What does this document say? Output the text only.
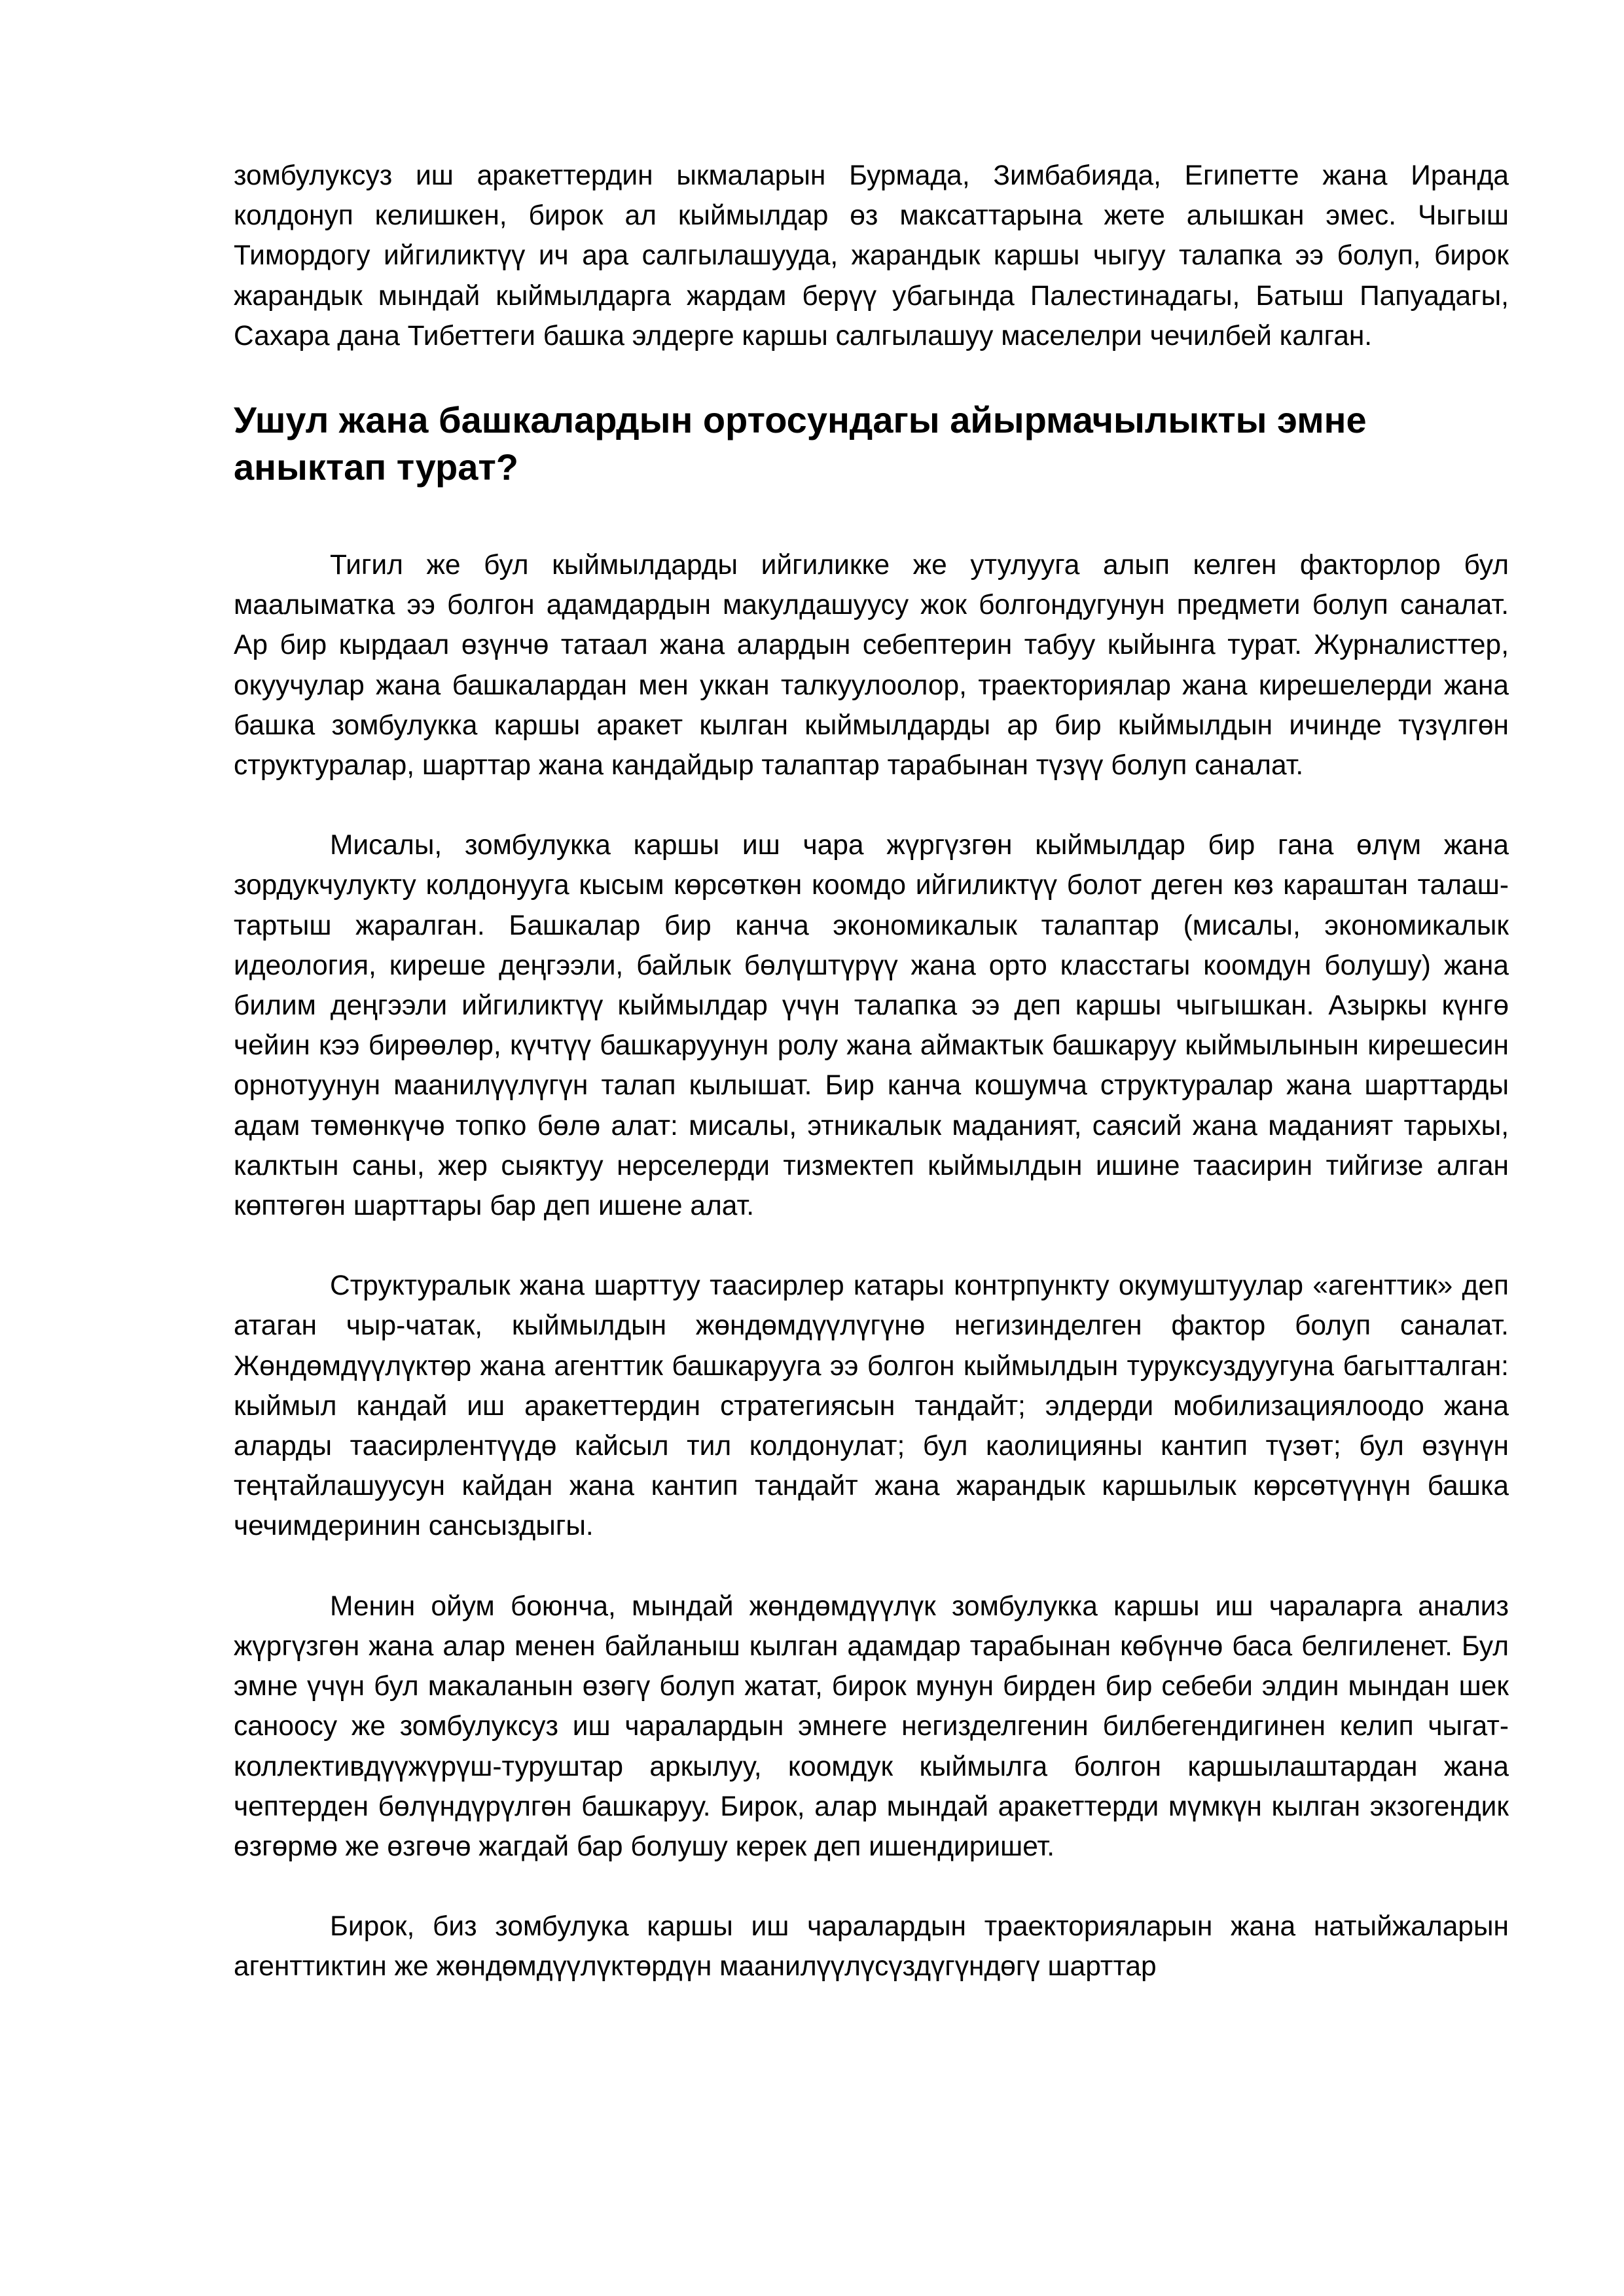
зомбулуксуз иш аракеттердин ыкмаларын Бурмада, Зимбабияда, Египетте жана Иранда колдонуп келишкен, бирок ал кыймылдар өз максаттарына жете алышкан эмес. Чыгыш Тимордогу ийгиликтүү ич ара салгылашууда, жарандык каршы чыгуу талапка ээ болуп, бирок жарандык мындай кыймылдарга жардам берүү убагында Палестинадагы, Батыш Папуадагы, Сахара дана Тибеттеги башка элдерге каршы салгылашуу маселелри чечилбей калган.

Ушул жана башкалардын ортосундагы айырмачылыкты эмне аныктап турат?

Тигил же бул кыймылдарды ийгиликке же утулууга алып келген факторлор бул маалыматка ээ болгон адамдардын макулдашуусу жок болгондугунун предмети болуп саналат. Ар бир кырдаал өзүнчө татаал жана алардын себептерин табуу кыйынга турат. Журналисттер, окуучулар жана башкалардан мен уккан талкуулоолор, траекториялар жана кирешелерди жана башка зомбулукка каршы аракет кылган кыймылдарды ар бир кыймылдын ичинде түзүлгөн структуралар, шарттар жана кандайдыр талаптар тарабынан түзүү болуп саналат.

Мисалы, зомбулукка каршы иш чара жүргүзгөн кыймылдар бир гана өлүм жана зордукчулукту колдонууга кысым көрсөткөн коомдо ийгиликтүү болот деген көз караштан талаш-тартыш жаралган. Башкалар бир канча экономикалык талаптар (мисалы, экономикалык идеология, киреше деңгээли, байлык бөлүштүрүү жана орто класстагы коомдун болушу) жана билим деңгээли ийгиликтүү кыймылдар үчүн талапка ээ деп каршы чыгышкан. Азыркы күнгө чейин кээ бирөөлөр, күчтүү башкаруунун ролу жана аймактык башкаруу кыймылынын кирешесин орнотуунун маанилүүлүгүн талап кылышат. Бир канча кошумча структуралар жана шарттарды адам төмөнкүчө топко бөлө алат: мисалы, этникалык маданият, саясий жана маданият тарыхы, калктын саны, жер сыяктуу нерселерди тизмектеп кыймылдын ишине таасирин тийгизе алган көптөгөн шарттары бар деп ишене алат.

Структуралык жана шарттуу таасирлер катары контрпункту окумуштуулар «агенттик» деп атаган чыр-чатак, кыймылдын жөндөмдүүлүгүнө негизинделген фактор болуп саналат. Жөндөмдүүлүктөр жана агенттик башкарууга ээ болгон кыймылдын туруксуздуугуна багытталган: кыймыл кандай иш аракеттердин стратегиясын тандайт; элдерди мобилизациялоодо жана аларды таасирлентүүдө кайсыл тил колдонулат; бул каолицияны кантип түзөт; бул өзүнүн теңтайлашуусун кайдан жана кантип тандайт жана жарандык каршылык көрсөтүүнүн башка чечимдеринин сансыздыгы.

Менин ойум боюнча, мындай жөндөмдүүлүк зомбулукка каршы иш чараларга анализ жүргүзгөн жана алар менен байланыш кылган адамдар тарабынан көбүнчө баса белгиленет. Бул эмне үчүн бул макаланын өзөгү болуп жатат, бирок мунун бирден бир себеби элдин мындан шек саноосу же зомбулуксуз иш чаралардын эмнеге негизделгенин билбегендигинен келип чыгат-коллективдүүжүрүш-туруштар аркылуу, коомдук кыймылга болгон каршылаштардан жана чептерден бөлүндүрүлгөн башкаруу. Бирок, алар мындай аракеттерди мүмкүн кылган экзогендик өзгөрмө же өзгөчө жагдай бар болушу керек деп ишендиришет.

Бирок, биз зомбулука каршы иш чаралардын траекторияларын жана натыйжаларын агенттиктин же жөндөмдүүлүктөрдүн маанилүүлүсүздүгүндөгү шарттар
